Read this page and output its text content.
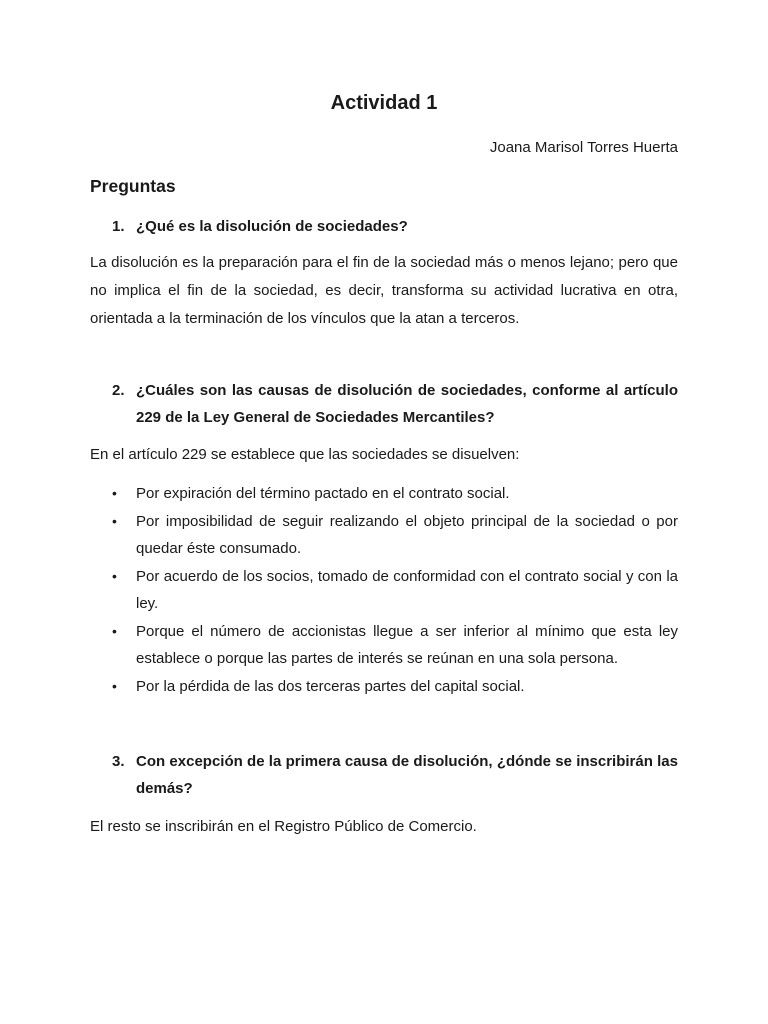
Actividad 1

Joana Marisol Torres Huerta

Preguntas
1. ¿Qué es la disolución de sociedades?

La disolución es la preparación para el fin de la sociedad más o menos lejano; pero que no implica el fin de la sociedad, es decir, transforma su actividad lucrativa en otra, orientada a la terminación de los vínculos que la atan a terceros.

2. ¿Cuáles son las causas de disolución de sociedades, conforme al artículo 229 de la Ley General de Sociedades Mercantiles?

En el artículo 229 se establece que las sociedades se disuelven:

•	Por expiración del término pactado en el contrato social.
•	Por imposibilidad de seguir realizando el objeto principal de la sociedad o por quedar éste consumado.
•	Por acuerdo de los socios, tomado de conformidad con el contrato social y con la ley.
•	Porque el número de accionistas llegue a ser inferior al mínimo que esta ley establece o porque las partes de interés se reúnan en una sola persona.
•	Por la pérdida de las dos terceras partes del capital social.
3. Con excepción de la primera causa de disolución, ¿dónde se inscribirán las demás?

El resto se inscribirán en el Registro Público de Comercio.
